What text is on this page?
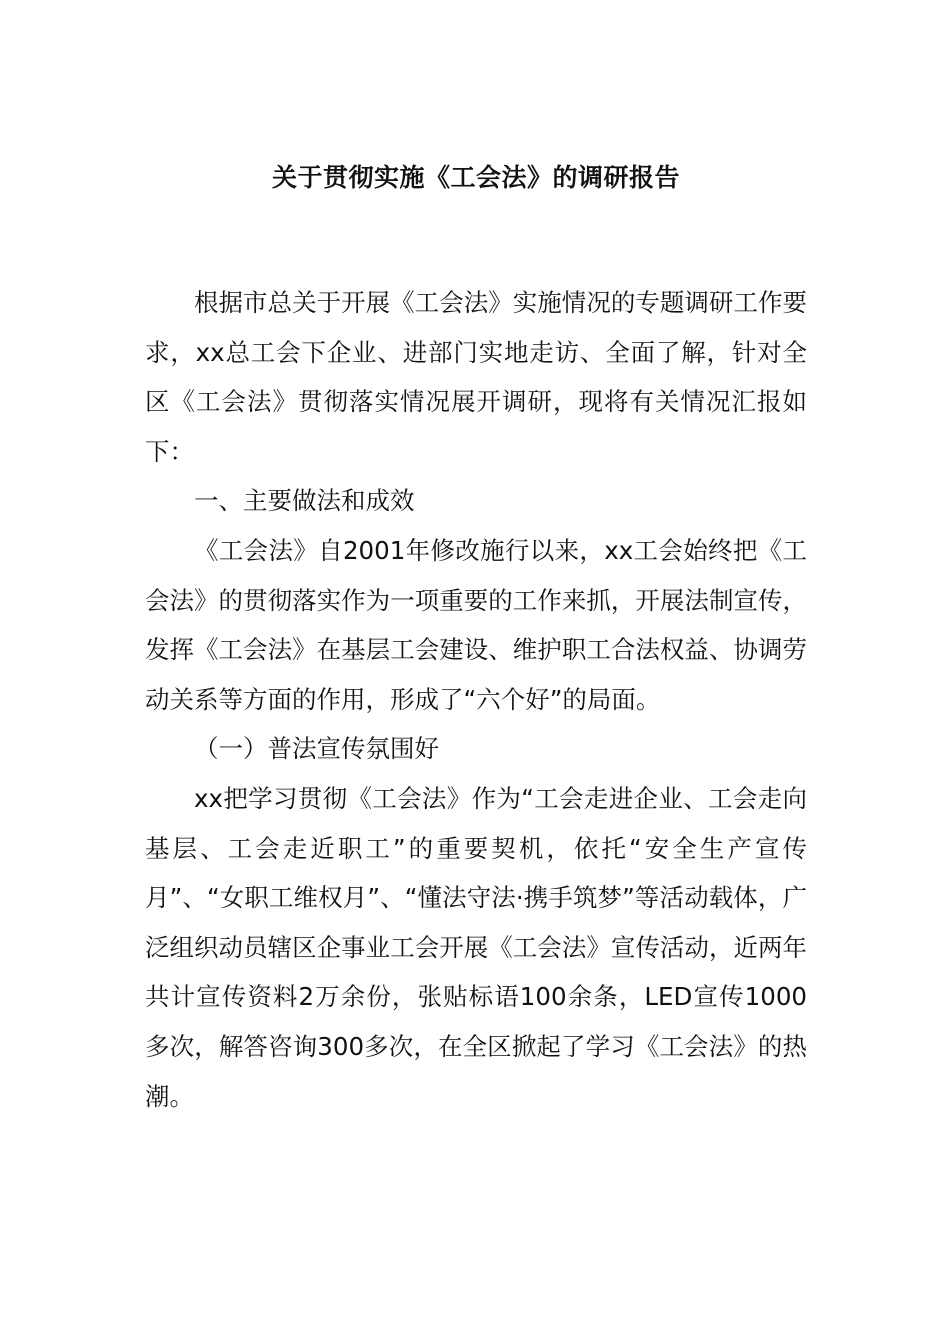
关于贯彻实施《工会法》的调研报告

根据市总关于开展《工会法》实施情况的专题调研工作要求，xx总工会下企业、进部门实地走访、全面了解，针对全区《工会法》贯彻落实情况展开调研，现将有关情况汇报如下：

一、主要做法和成效

《工会法》自2001年修改施行以来，xx工会始终把《工会法》的贯彻落实作为一项重要的工作来抓，开展法制宣传，发挥《工会法》在基层工会建设、维护职工合法权益、协调劳动关系等方面的作用，形成了“六个好”的局面。

（一）普法宣传氛围好

xx把学习贯彻《工会法》作为“工会走进企业、工会走向基层、工会走近职工”的重要契机，依托“安全生产宣传月”、“女职工维权月”、“懂法守法·携手筑梦”等活动载体，广泛组织动员辖区企事业工会开展《工会法》宣传活动，近两年共计宣传资料2万余份，张贴标语100余条，LED宣传1000多次，解答咨询300多次，在全区掀起了学习《工会法》的热潮。
